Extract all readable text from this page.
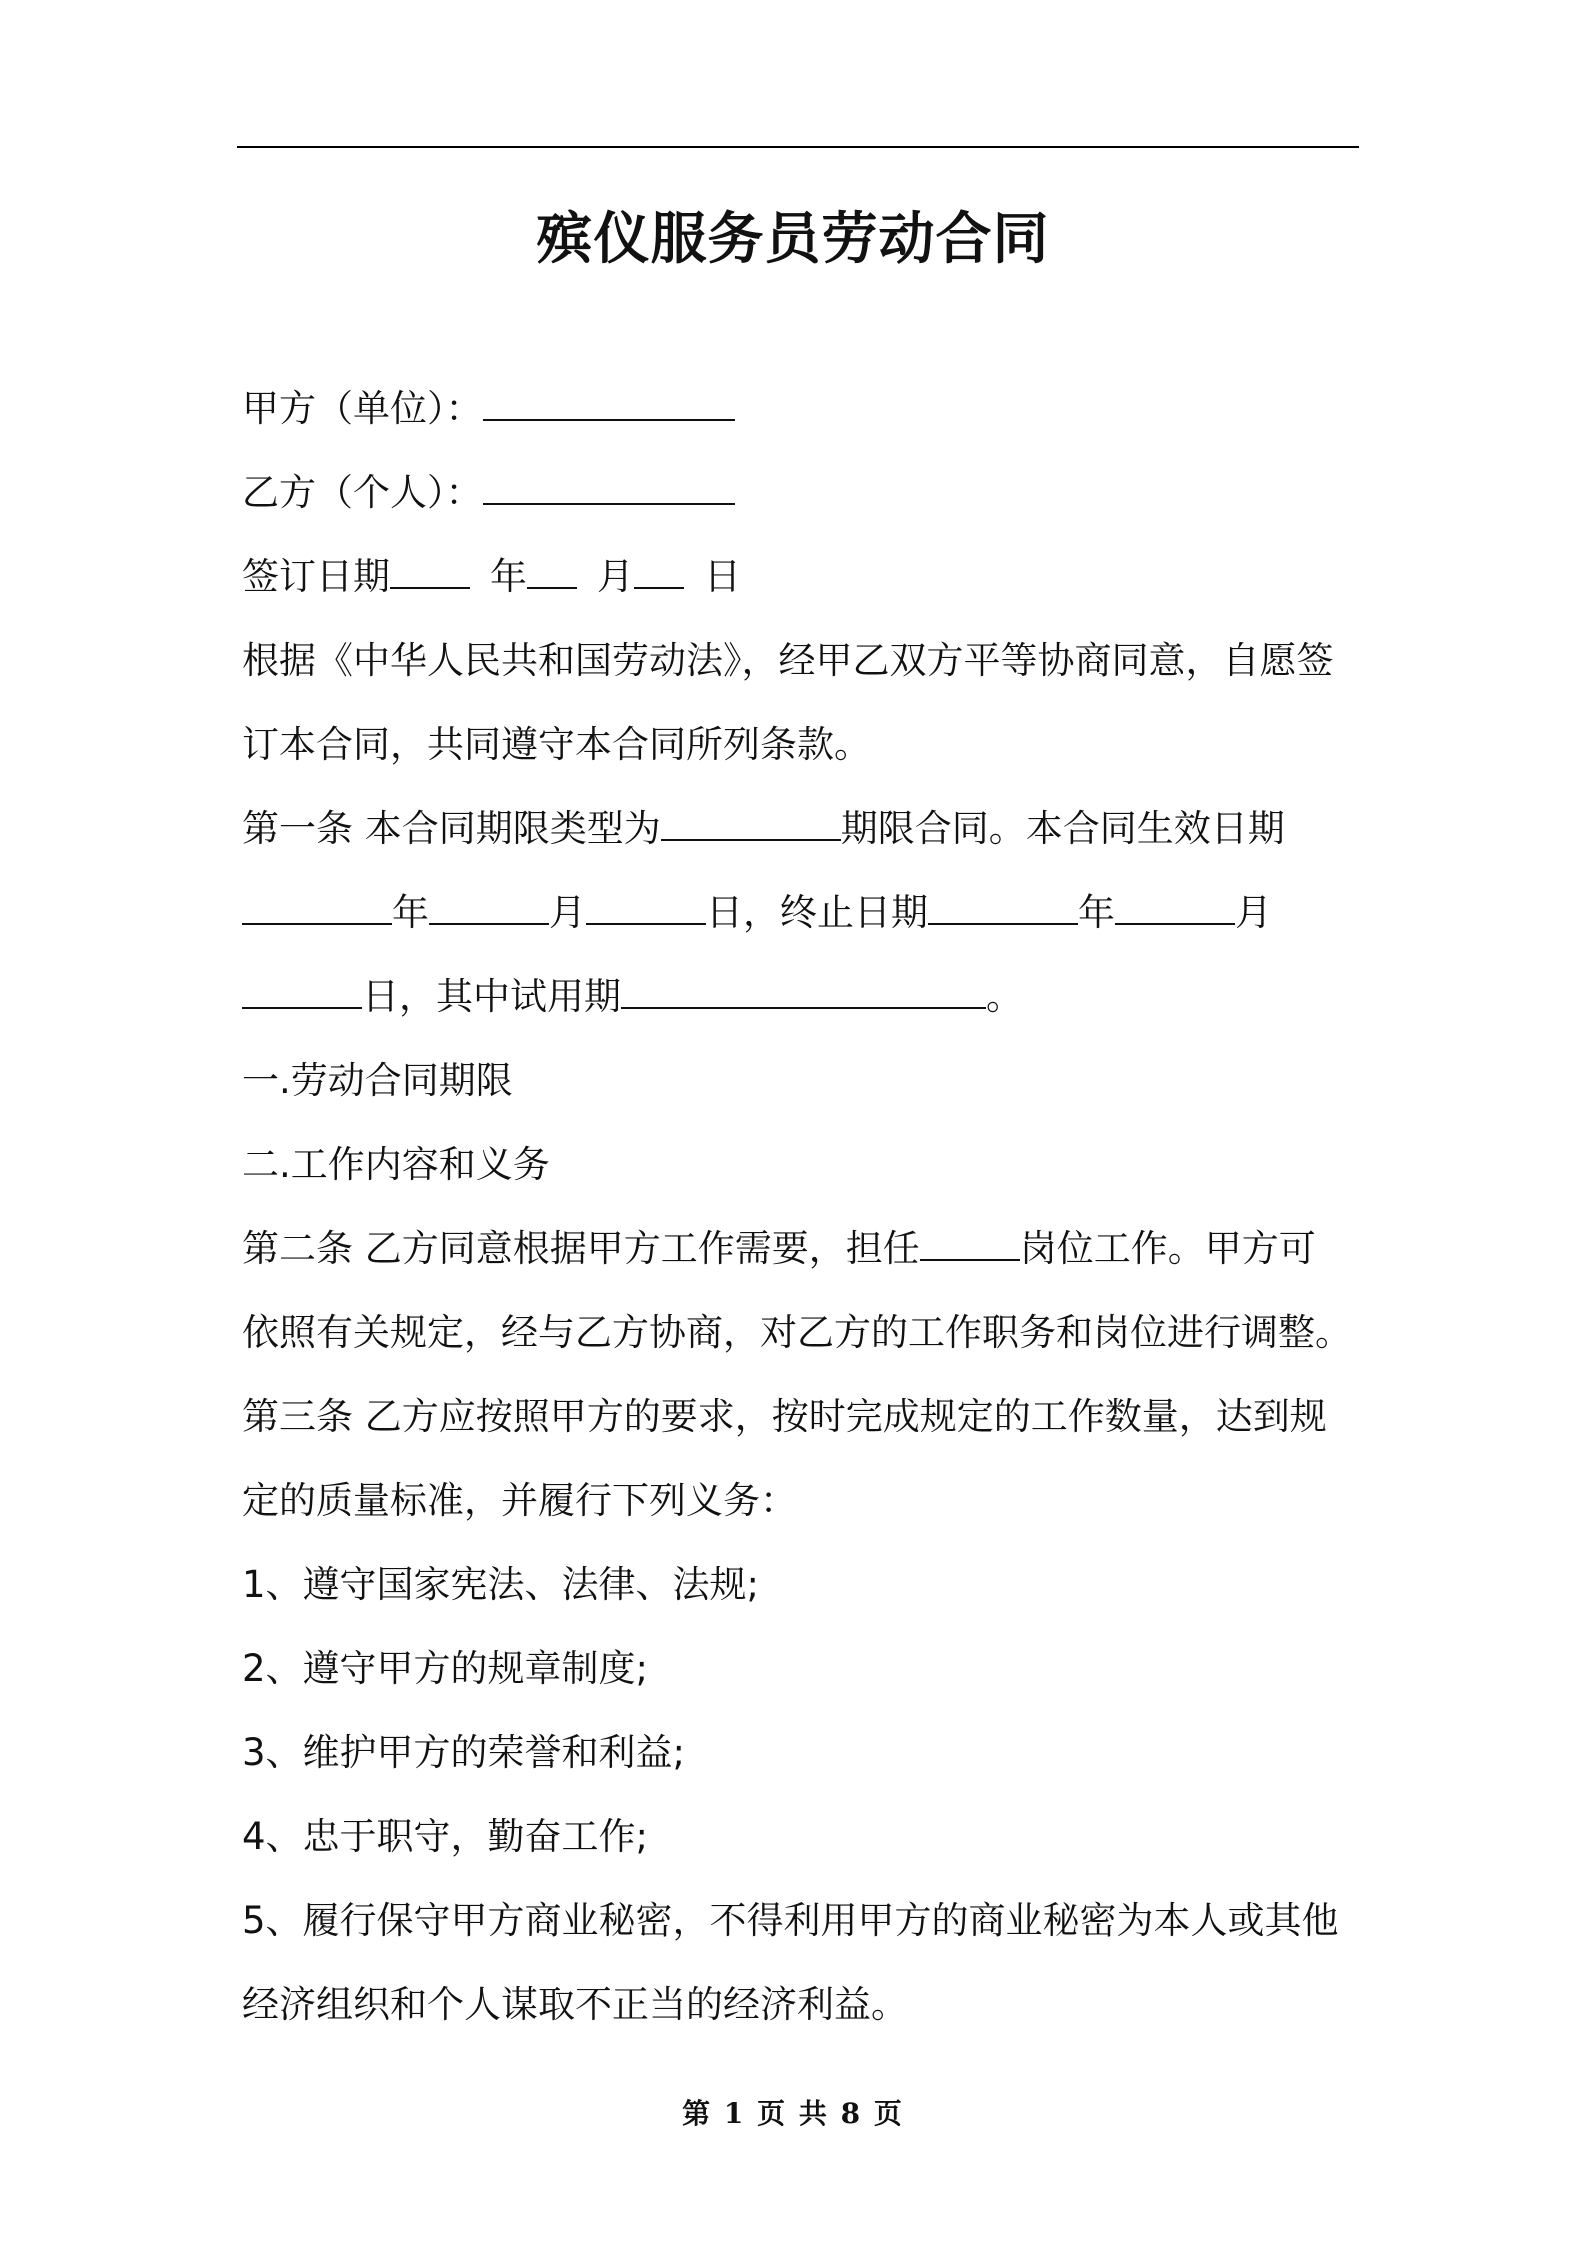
殡仪服务员劳动合同
甲方（单位）：
乙方（个人）：
签订日期	年 月 日
根据《中华人民共和国劳动法》，经甲乙双方平等协商同意，自愿签
订本合同，共同遵守本合同所列条款。
第一条 本合同期限类型为	期限合同。本合同生效日期
年	月	日，终止日期	年	月
日，其中试用期	。
一.劳动合同期限
二.工作内容和义务
第二条 乙方同意根据甲方工作需要，担任	岗位工作。甲方可
依照有关规定，经与乙方协商，对乙方的工作职务和岗位进行调整。
第三条 乙方应按照甲方的要求，按时完成规定的工作数量，达到规
定的质量标准，并履行下列义务：
1、遵守国家宪法、法律、法规;
2、遵守甲方的规章制度;
3、维护甲方的荣誉和利益;
4、忠于职守，勤奋工作;
5、履行保守甲方商业秘密，不得利用甲方的商业秘密为本人或其他
经济组织和个人谋取不正当的经济利益。
第 1 页 共 8 页
